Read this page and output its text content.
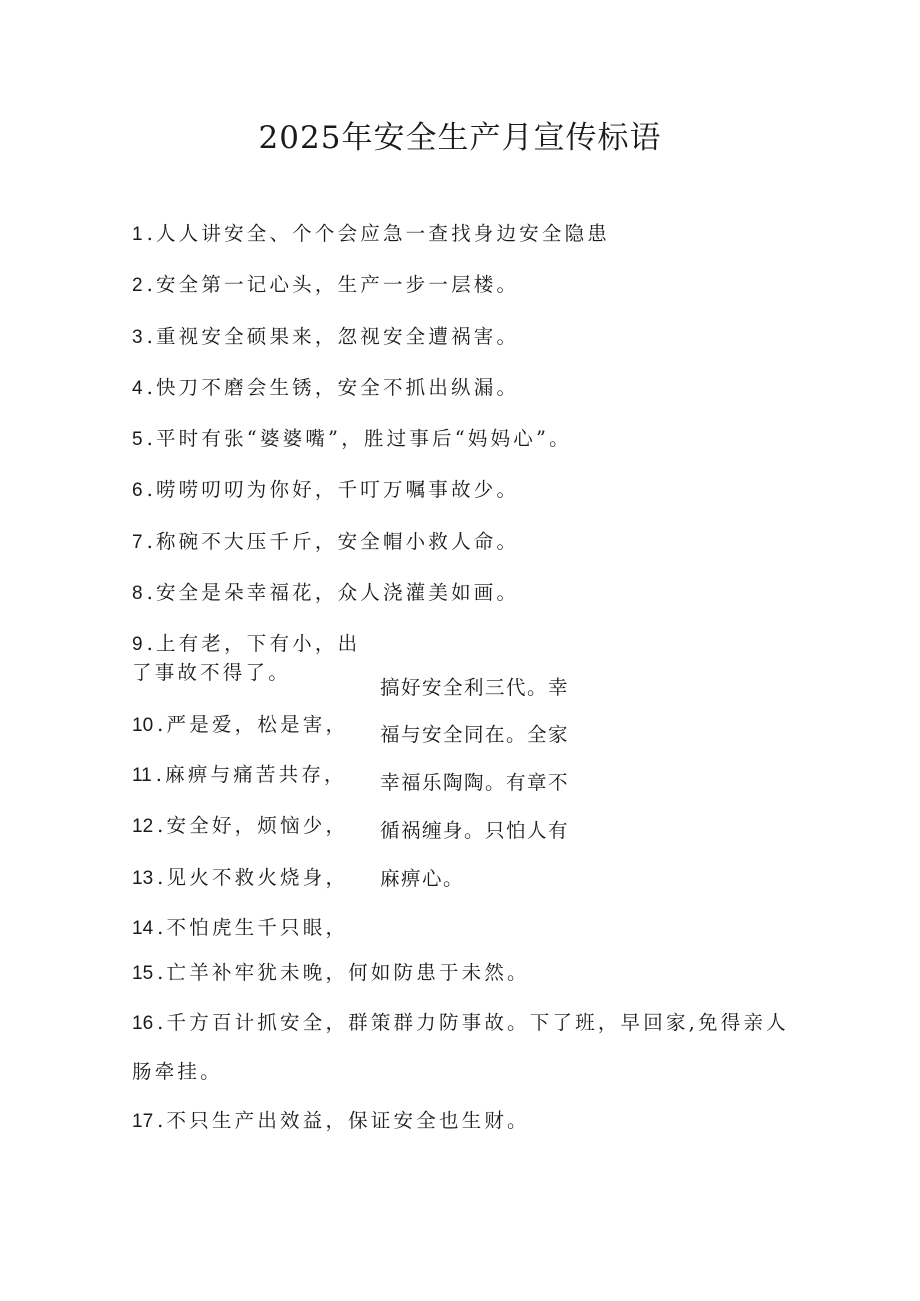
2025年安全生产月宣传标语
1 .人人讲安全、个个会应急一查找身边安全隐患
2 .安全第一记心头，生产一步一层楼。
3 .重视安全硕果来，忽视安全遭祸害。
4 .快刀不磨会生锈，安全不抓出纵漏。
5 .平时有张“婆婆嘴”，胜过事后“妈妈心”。
6 .唠唠叨叨为你好，千叮万嘱事故少。
7 .称碗不大压千斤，安全帽小救人命。
8 .安全是朵幸福花，众人浇灌美如画。
9 .上有老，下有小，出
了事故不得了。
10 .严是爱，松是害，
11 .麻痹与痛苦共存，
12 .安全好，烦恼少，
13 .见火不救火烧身，
14 .不怕虎生千只眼，
15 .亡羊补牢犹未晚，何如防患于未然。
16 .千方百计抓安全，群策群力防事故。下了班，早回家,免得亲人
肠牵挂。
17 .不只生产出效益，保证安全也生财。
搞好安全利三代。幸
福与安全同在。全家
幸福乐陶陶。有章不
循祸缠身。只怕人有
麻痹心。
